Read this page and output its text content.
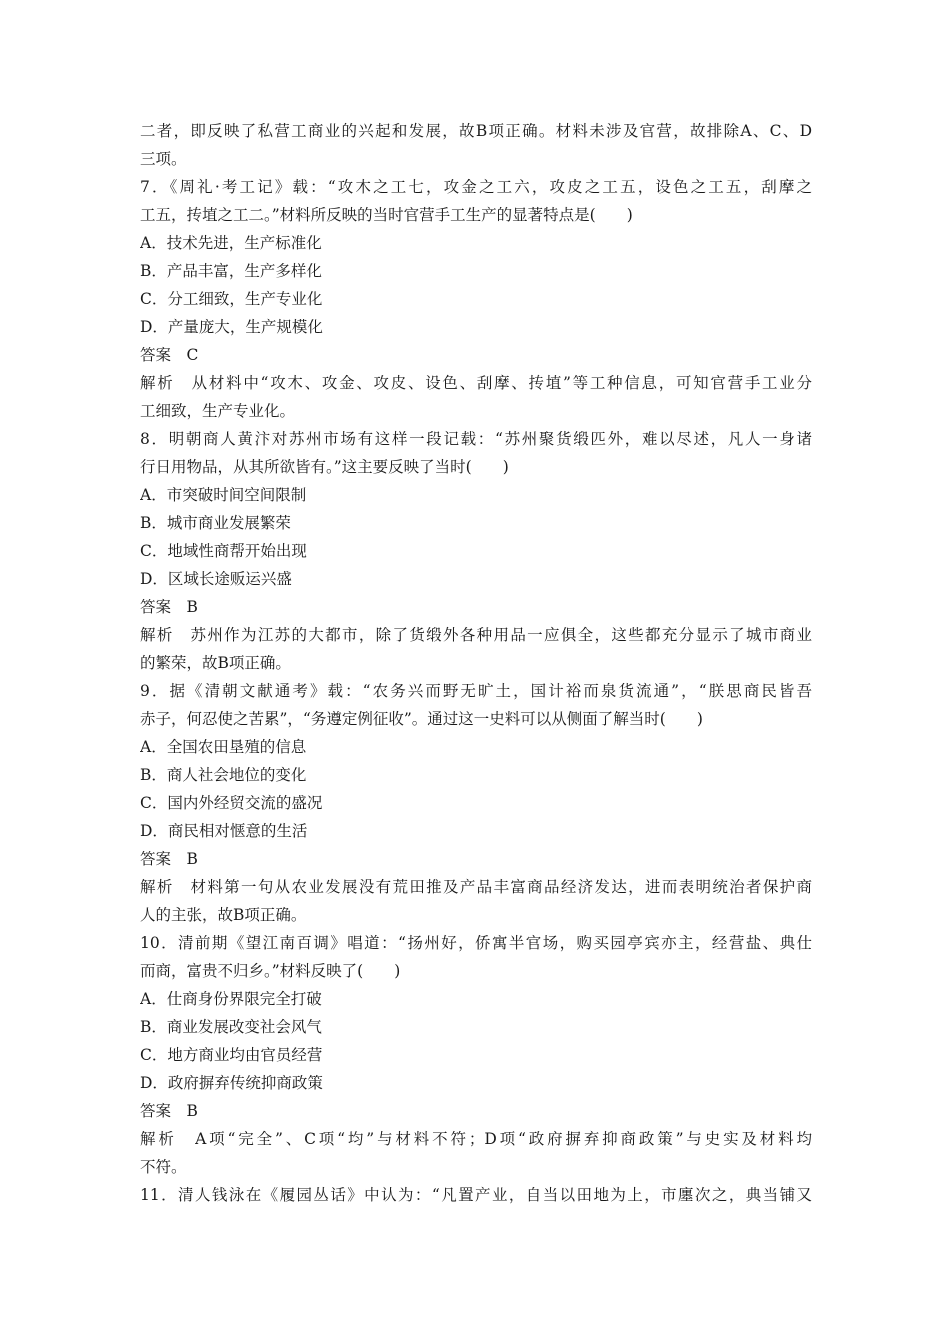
二者，即反映了私营工商业的兴起和发展，故B项正确。材料未涉及官营，故排除A、C、D
三项。
7．《周礼·考工记》载：“攻木之工七，攻金之工六，攻皮之工五，设色之工五，刮摩之
工五，抟埴之工二。”材料所反映的当时官营手工生产的显著特点是(　　)
A．技术先进，生产标准化
B．产品丰富，生产多样化
C．分工细致，生产专业化
D．产量庞大，生产规模化
答案　C
解析　从材料中“攻木、攻金、攻皮、设色、刮摩、抟埴”等工种信息，可知官营手工业分
工细致，生产专业化。
8．明朝商人黄汴对苏州市场有这样一段记载：“苏州聚货缎匹外，难以尽述，凡人一身诸
行日用物品，从其所欲皆有。”这主要反映了当时(　　)
A．市突破时间空间限制
B．城市商业发展繁荣
C．地域性商帮开始出现
D．区域长途贩运兴盛
答案　B
解析　苏州作为江苏的大都市，除了货缎外各种用品一应俱全，这些都充分显示了城市商业
的繁荣，故B项正确。
9．据《清朝文献通考》载：“农务兴而野无旷土，国计裕而泉货流通”，“朕思商民皆吾
赤子，何忍使之苦累”，“务遵定例征收”。通过这一史料可以从侧面了解当时(　　)
A．全国农田垦殖的信息
B．商人社会地位的变化
C．国内外经贸交流的盛况
D．商民相对惬意的生活
答案　B
解析　材料第一句从农业发展没有荒田推及产品丰富商品经济发达，进而表明统治者保护商
人的主张，故B项正确。
10．清前期《望江南百调》唱道：“扬州好，侨寓半官场，购买园亭宾亦主，经营盐、典仕
而商，富贵不归乡。”材料反映了(　　)
A．仕商身份界限完全打破
B．商业发展改变社会风气
C．地方商业均由官员经营
D．政府摒弃传统抑商政策
答案　B
解析　A项“完全”、C项“均”与材料不符；D项“政府摒弃抑商政策”与史实及材料均
不符。
11．清人钱泳在《履园丛话》中认为：“凡置产业，自当以田地为上，市廛次之，典当铺又
